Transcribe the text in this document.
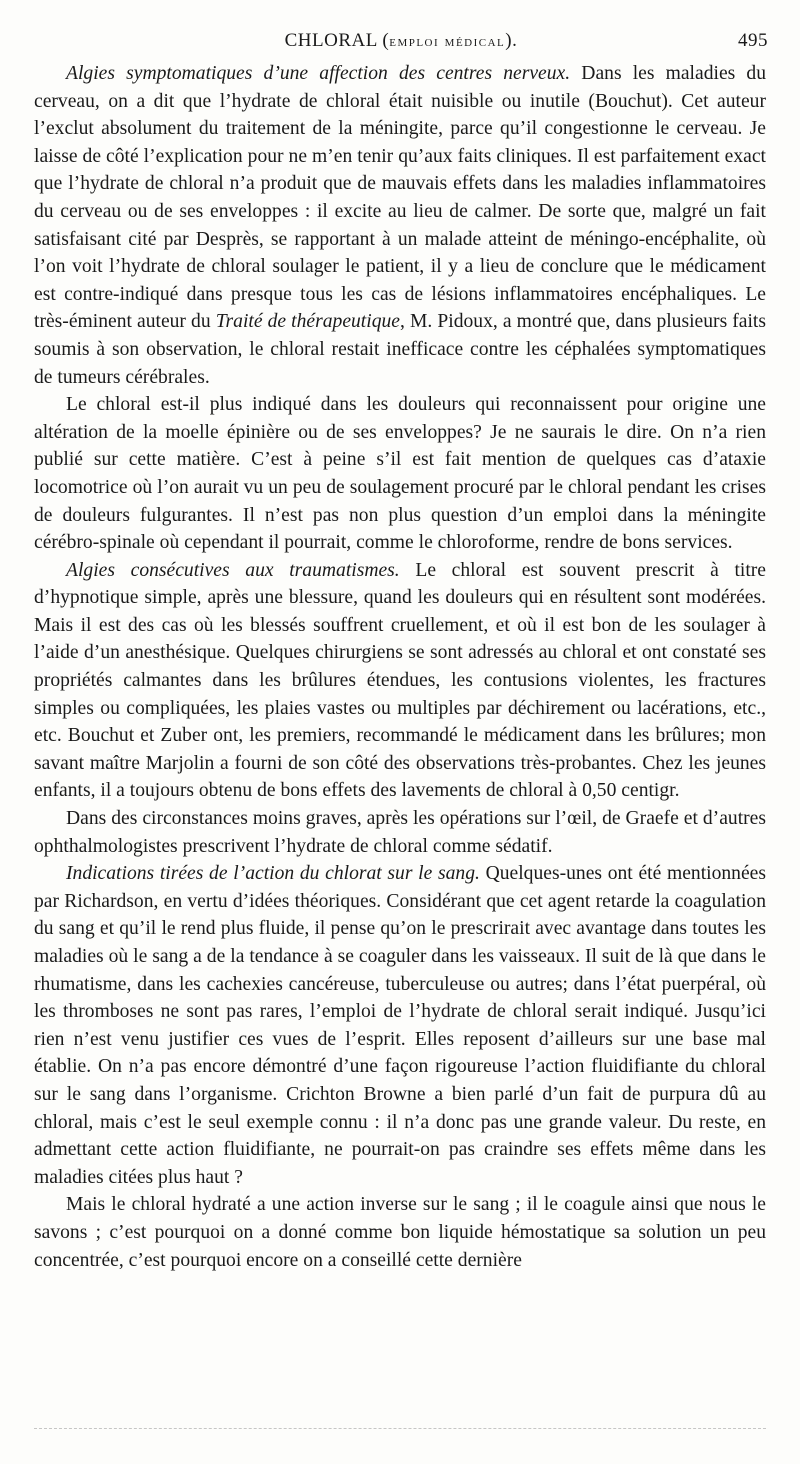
CHLORAL (emploi médical).	495

Algies symptomatiques d’une affection des centres nerveux. Dans les maladies du cerveau, on a dit que l’hydrate de chloral était nuisible ou inutile (Bouchut). Cet auteur l’exclut absolument du traitement de la méningite, parce qu’il congestionne le cerveau. Je laisse de côté l’explication pour ne m’en tenir qu’aux faits cliniques. Il est parfaitement exact que l’hydrate de chloral n’a produit que de mauvais effets dans les maladies inflammatoires du cerveau ou de ses enveloppes : il excite au lieu de calmer. De sorte que, malgré un fait satisfaisant cité par Desprès, se rapportant à un malade atteint de méningo-encéphalite, où l’on voit l’hydrate de chloral soulager le patient, il y a lieu de conclure que le médicament est contre-indiqué dans presque tous les cas de lésions inflammatoires encéphaliques. Le très-éminent auteur du Traité de thérapeutique, M. Pidoux, a montré que, dans plusieurs faits soumis à son observation, le chloral restait inefficace contre les céphalées symptomatiques de tumeurs cérébrales.

Le chloral est-il plus indiqué dans les douleurs qui reconnaissent pour origine une altération de la moelle épinière ou de ses enveloppes? Je ne saurais le dire. On n’a rien publié sur cette matière. C’est à peine s’il est fait mention de quelques cas d’ataxie locomotrice où l’on aurait vu un peu de soulagement procuré par le chloral pendant les crises de douleurs fulgurantes. Il n’est pas non plus question d’un emploi dans la méningite cérébro-spinale où cependant il pourrait, comme le chloroforme, rendre de bons services.

Algies consécutives aux traumatismes. Le chloral est souvent prescrit à titre d’hypnotique simple, après une blessure, quand les douleurs qui en résultent sont modérées. Mais il est des cas où les blessés souffrent cruellement, et où il est bon de les soulager à l’aide d’un anesthésique. Quelques chirurgiens se sont adressés au chloral et ont constaté ses propriétés calmantes dans les brûlures étendues, les contusions violentes, les fractures simples ou compliquées, les plaies vastes ou multiples par déchirement ou lacérations, etc., etc. Bouchut et Zuber ont, les premiers, recommandé le médicament dans les brûlures; mon savant maître Marjolin a fourni de son côté des observations très-probantes. Chez les jeunes enfants, il a toujours obtenu de bons effets des lavements de chloral à 0,50 centigr.

Dans des circonstances moins graves, après les opérations sur l’œil, de Graefe et d’autres ophthalmologistes prescrivent l’hydrate de chloral comme sédatif.

Indications tirées de l’action du chlorat sur le sang. Quelques-unes ont été mentionnées par Richardson, en vertu d’idées théoriques. Considérant que cet agent retarde la coagulation du sang et qu’il le rend plus fluide, il pense qu’on le prescrirait avec avantage dans toutes les maladies où le sang a de la tendance à se coaguler dans les vaisseaux. Il suit de là que dans le rhumatisme, dans les cachexies cancéreuse, tuberculeuse ou autres; dans l’état puerpéral, où les thromboses ne sont pas rares, l’emploi de l’hydrate de chloral serait indiqué. Jusqu’ici rien n’est venu justifier ces vues de l’esprit. Elles reposent d’ailleurs sur une base mal établie. On n’a pas encore démontré d’une façon rigoureuse l’action fluidifiante du chloral sur le sang dans l’organisme. Crichton Browne a bien parlé d’un fait de purpura dû au chloral, mais c’est le seul exemple connu : il n’a donc pas une grande valeur. Du reste, en admettant cette action fluidifiante, ne pourrait-on pas craindre ses effets même dans les maladies citées plus haut ?

Mais le chloral hydraté a une action inverse sur le sang ; il le coagule ainsi que nous le savons ; c’est pourquoi on a donné comme bon liquide hémostatique sa solution un peu concentrée, c’est pourquoi encore on a conseillé cette dernière
